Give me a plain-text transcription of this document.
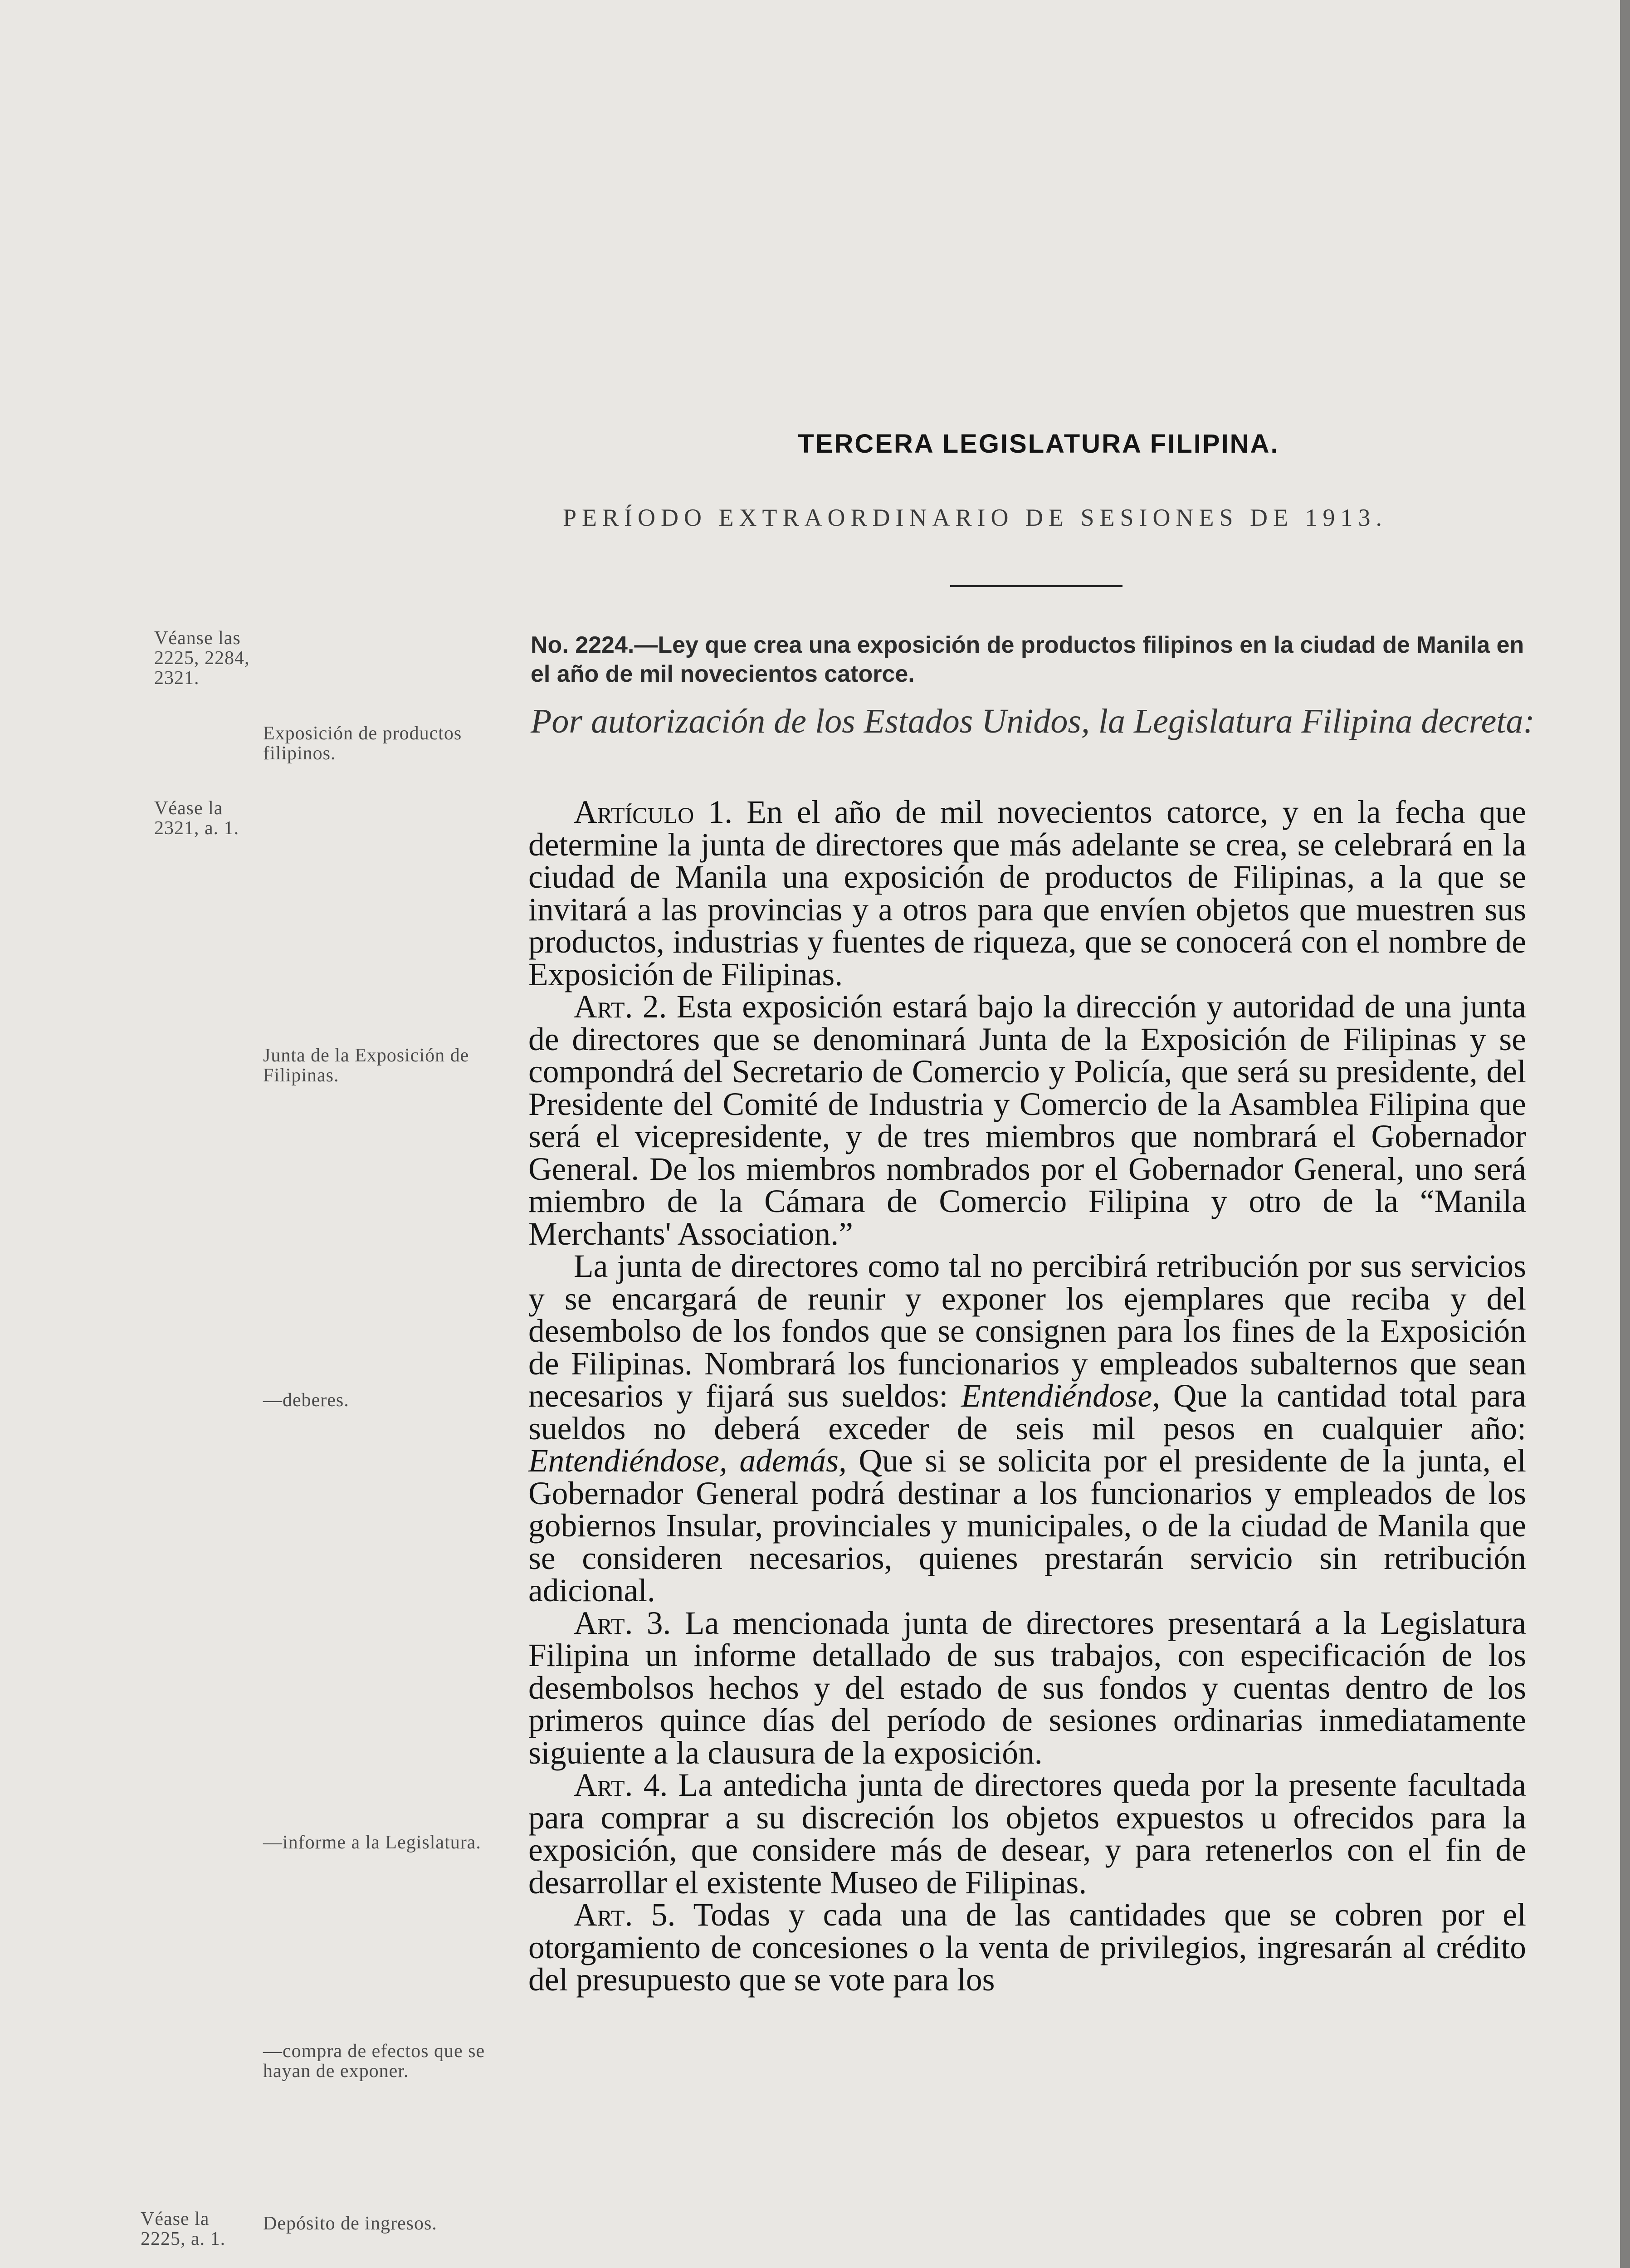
TERCERA LEGISLATURA FILIPINA.
PERÍODO EXTRAORDINARIO DE SESIONES DE 1913.
Véanse las 2225, 2284, 2321.
Exposición de productos filipinos.
Véase la 2321, a. 1.
Junta de la Exposición de Filipinas.
—deberes.
—informe a la Legislatura.
—compra de efectos que se hayan de exponer.
Véase la 2225, a. 1.
Depósito de ingresos.
No. 2224.—Ley que crea una exposición de productos filipinos en la ciudad de Manila en el año de mil novecientos catorce.
Por autorización de los Estados Unidos, la Legislatura Filipina decreta:

Artículo 1. En el año de mil novecientos catorce, y en la fecha que determine la junta de directores que más adelante se crea, se celebrará en la ciudad de Manila una exposición de productos de Filipinas, a la que se invitará a las provincias y a otros para que envíen objetos que muestren sus productos, industrias y fuentes de riqueza, que se conocerá con el nombre de Exposición de Filipinas.

Art. 2. Esta exposición estará bajo la dirección y autoridad de una junta de directores que se denominará Junta de la Exposición de Filipinas y se compondrá del Secretario de Comercio y Policía, que será su presidente, del Presidente del Comité de Industria y Comercio de la Asamblea Filipina que será el vicepresidente, y de tres miembros que nombrará el Gobernador General. De los miembros nombrados por el Gobernador General, uno será miembro de la Cámara de Comercio Filipina y otro de la “Manila Merchants' Association.”

La junta de directores como tal no percibirá retribución por sus servicios y se encargará de reunir y exponer los ejemplares que reciba y del desembolso de los fondos que se consignen para los fines de la Exposición de Filipinas. Nombrará los funcionarios y empleados subalternos que sean necesarios y fijará sus sueldos: Entendiéndose, Que la cantidad total para sueldos no deberá exceder de seis mil pesos en cualquier año: Entendiéndose, además, Que si se solicita por el presidente de la junta, el Gobernador General podrá destinar a los funcionarios y empleados de los gobiernos Insular, provinciales y municipales, o de la ciudad de Manila que se consideren necesarios, quienes prestarán servicio sin retribución adicional.

Art. 3. La mencionada junta de directores presentará a la Legislatura Filipina un informe detallado de sus trabajos, con especificación de los desembolsos hechos y del estado de sus fondos y cuentas dentro de los primeros quince días del período de sesiones ordinarias inmediatamente siguiente a la clausura de la exposición.

Art. 4. La antedicha junta de directores queda por la presente facultada para comprar a su discreción los objetos expuestos u ofrecidos para la exposición, que considere más de desear, y para retenerlos con el fin de desarrollar el existente Museo de Filipinas.

Art. 5. Todas y cada una de las cantidades que se cobren por el otorgamiento de concesiones o la venta de privilegios, ingresarán al crédito del presupuesto que se vote para los
